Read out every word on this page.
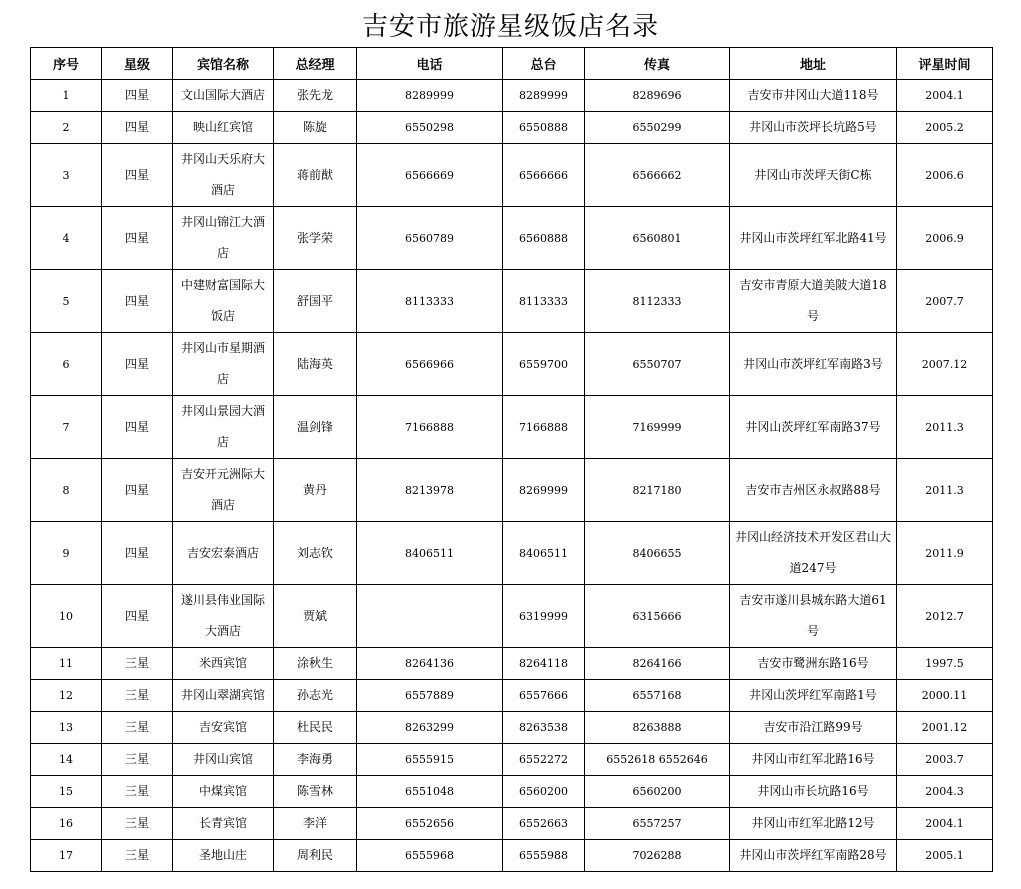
吉安市旅游星级饭店名录
序号	星级	宾馆名称	总经理	电话	总台	传真	地址	评星时间
1	四星	文山国际大酒店	张先龙	8289999	8289999	8289696	吉安市井冈山大道118号	2004.1
2	四星	映山红宾馆	陈旋	6550298	6550888	6550299	井冈山市茨坪长坑路5号	2005.2
3	四星	井冈山天乐府大酒店	蒋前猷	6566669	6566666	6566662	井冈山市茨坪天街C栋	2006.6
4	四星	井冈山锦江大酒店	张学荣	6560789	6560888	6560801	井冈山市茨坪红军北路41号	2006.9
5	四星	中建财富国际大饭店	舒国平	8113333	8113333	8112333	吉安市青原大道美陂大道18号	2007.7
6	四星	井冈山市星期酒店	陆海英	6566966	6559700	6550707	井冈山市茨坪红军南路3号	2007.12
7	四星	井冈山景园大酒店	温剑锋	7166888	7166888	7169999	井冈山茨坪红军南路37号	2011.3
8	四星	吉安开元洲际大酒店	黄丹	8213978	8269999	8217180	吉安市吉州区永叔路88号	2011.3
9	四星	吉安宏泰酒店	刘志钦	8406511	8406511	8406655	井冈山经济技术开发区君山大道247号	2011.9
10	四星	遂川县伟业国际大酒店	贾斌		6319999	6315666	吉安市遂川县城东路大道61号	2012.7
11	三星	米西宾馆	涂秋生	8264136	8264118	8264166	吉安市鹭洲东路16号	1997.5
12	三星	井冈山翠湖宾馆	孙志光	6557889	6557666	6557168	井冈山茨坪红军南路1号	2000.11
13	三星	吉安宾馆	杜民民	8263299	8263538	8263888	吉安市沿江路99号	2001.12
14	三星	井冈山宾馆	李海勇	6555915	6552272	6552618 6552646	井冈山市红军北路16号	2003.7
15	三星	中煤宾馆	陈雪林	6551048	6560200	6560200	井冈山市长坑路16号	2004.3
16	三星	长青宾馆	李洋	6552656	6552663	6557257	井冈山市红军北路12号	2004.1
17	三星	圣地山庄	周利民	6555968	6555988	7026288	井冈山市茨坪红军南路28号	2005.1
